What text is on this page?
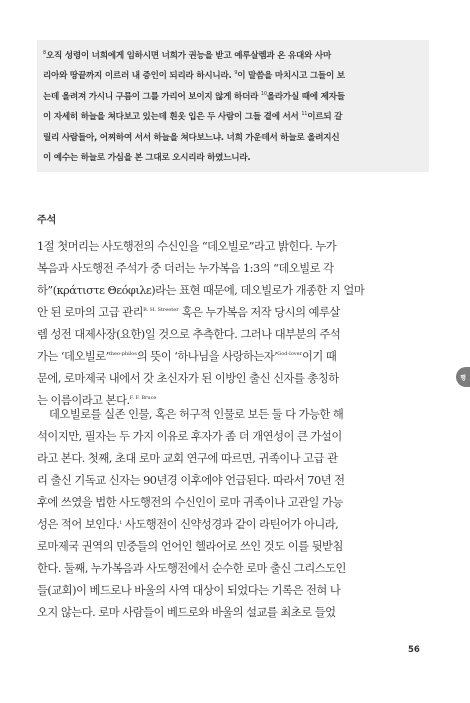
$^8$오직 성령이 너희에게 임하시면 너희가 권능을 받고 예루살렘과 온 유대와 사마
리아와 땅끝까지 이르러 내 증인이 되리라 하시니라. $^9$이 말씀을 마치시고 그들이 보
는데 올려져 가시니 구름이 그를 가리어 보이지 않게 하더라 $^{10}$올라가실 때에 제자들
이 자세히 하늘을 쳐다보고 있는데 흰옷 입은 두 사람이 그들 곁에 서서 $^{11}$이르되 갈
릴리 사람들아, 어찌하여 서서 하늘을 쳐다보느냐. 너희 가운데서 하늘로 올려지신
이 예수는 하늘로 가심을 본 그대로 오시리라 하였느니라.
주석
1절 첫머리는 사도행전의 수신인을 “데오빌로”라고 밝힌다. 누가
복음과 사도행전 주석가 중 더러는 누가복음 1:3의 “데오빌로 각
하”(κράτιστε Θεόφιλε)라는 표현 때문에, 데오빌로가 개종한 지 얼마
안 된 로마의 고급 관리$^{B. H. Streeter}$ 혹은 누가복음 저작 당시의 예루살
렘 성전 대제사장(요한)일 것으로 추측한다. 그러나 대부분의 주석
가는 ‘데오빌로’$^{theo-philos}$의 뜻이 ‘하나님을 사랑하는자’$^{God-lover}$이기 때
문에, 로마제국 내에서 갓 초신자가 된 이방인 출신 신자를 총칭하
는 이름이라고 본다.$^{F. F. Bruce}$
데오빌로를 실존 인물, 혹은 허구적 인물로 보든 둘 다 가능한 해
석이지만, 필자는 두 가지 이유로 후자가 좀 더 개연성이 큰 가설이
라고 본다. 첫째, 초대 로마 교회 연구에 따르면, 귀족이나 고급 관
리 출신 기독교 신자는 90년경 이후에야 언급된다. 따라서 70년 전
후에 쓰였을 법한 사도행전의 수신인이 로마 귀족이나 고관일 가능
성은 적어 보인다.$^1$ 사도행전이 신약성경과 같이 라틴어가 아니라,
로마제국 권역의 민중들의 언어인 헬라어로 쓰인 것도 이를 뒷받침
한다. 둘째, 누가복음과 사도행전에서 순수한 로마 출신 그리스도인
들(교회)이 베드로나 바울의 사역 대상이 되었다는 기록은 전혀 나
오지 않는다. 로마 사람들이 베드로와 바울의 설교를 최초로 들었
행
56
